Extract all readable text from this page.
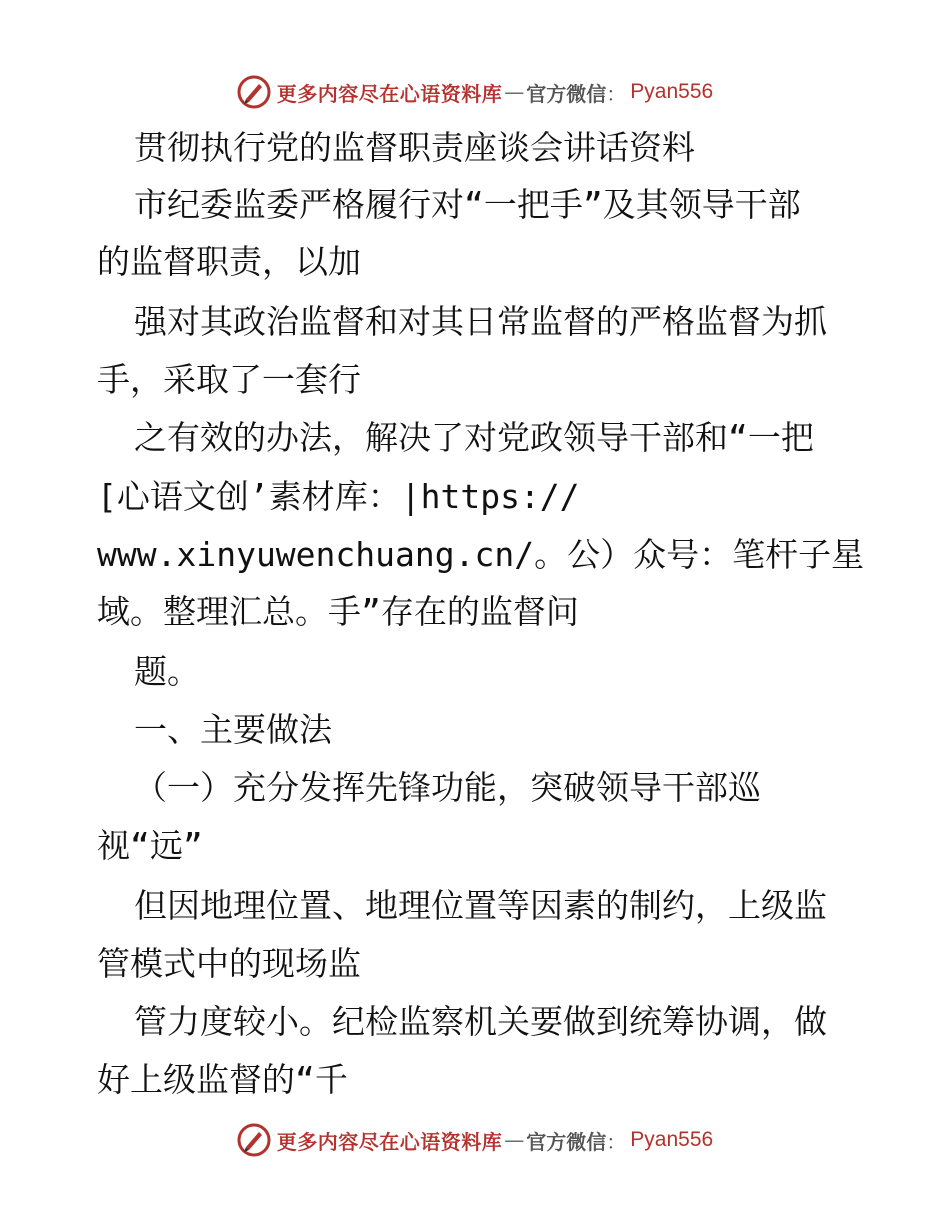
更多内容尽在心语资料库 — 官方微信 ： Pyan556
贯彻执行党的监督职责座谈会讲话资料
市纪委监委严格履行对“一把手”及其领导干部
的监督职责，以加
强对其政治监督和对其日常监督的严格监督为抓
手，采取了一套行
之有效的办法，解决了对党政领导干部和“一把
[心语文创’素材库：|https://
www.xinyuwenchuang.cn/。公）众号：笔杆子星
域。整理汇总。手”存在的监督问
题。
一、主要做法
（一）充分发挥先锋功能，突破领导干部巡
视“远”
但因地理位置、地理位置等因素的制约，上级监
管模式中的现场监
管力度较小。纪检监察机关要做到统筹协调，做
好上级监督的“千
更多内容尽在心语资料库 — 官方微信 ： Pyan556
